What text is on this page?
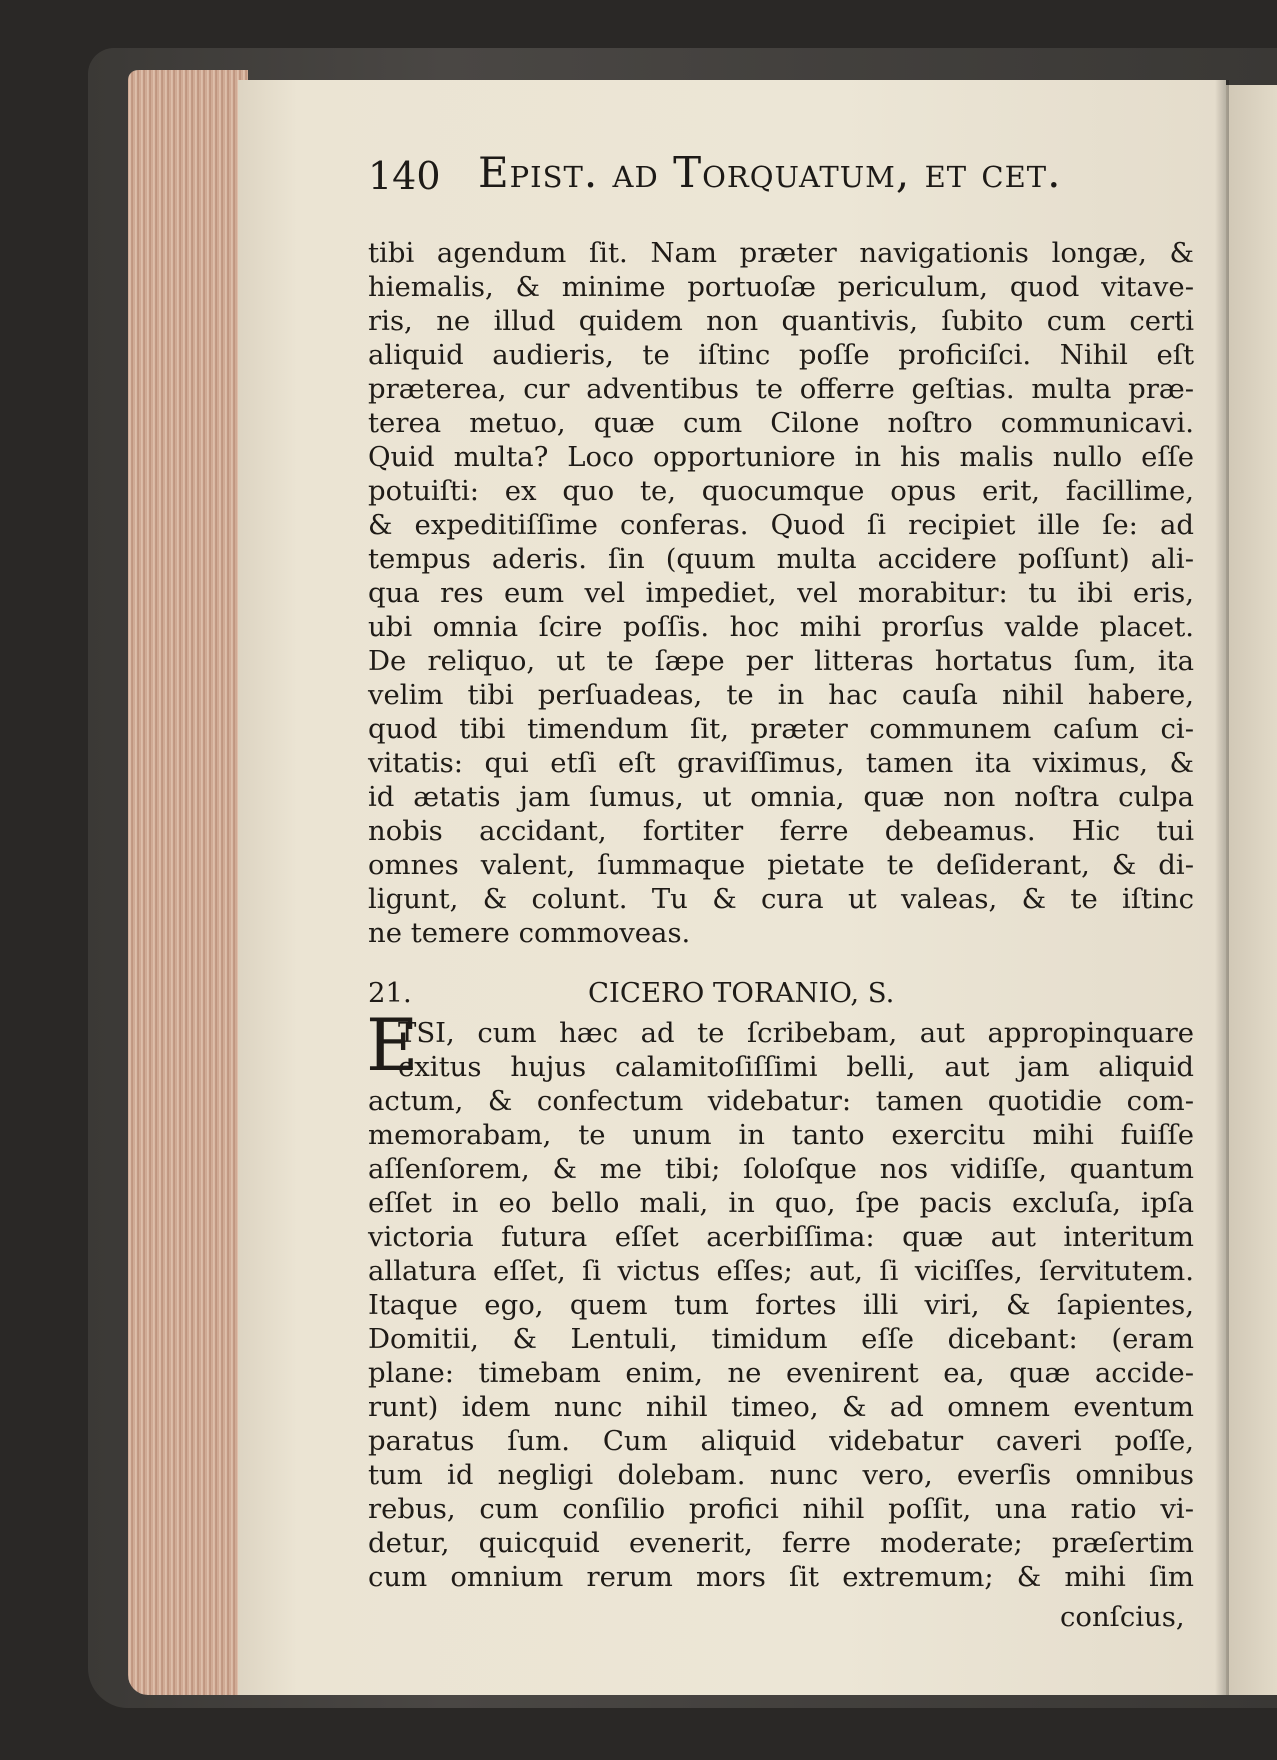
140 Epist. ad Torquatum, et cet.
tibi agendum ſit. Nam præter navigationis longæ, &
hiemalis, & minime portuoſæ periculum, quod vitave-
ris, ne illud quidem non quantivis, ſubito cum certi
aliquid audieris, te iſtinc poſſe proficiſci. Nihil eſt
præterea, cur adventibus te offerre geſtias. multa præ-
terea metuo, quæ cum Cilone noſtro communicavi.
Quid multa? Loco opportuniore in his malis nullo eſſe
potuiſti: ex quo te, quocumque opus erit, facillime,
& expeditiſſime conferas. Quod ſi recipiet ille ſe: ad
tempus aderis. ſin (quum multa accidere poſſunt) ali-
qua res eum vel impediet, vel morabitur: tu ibi eris,
ubi omnia ſcire poſſis. hoc mihi prorſus valde placet.
De reliquo, ut te ſæpe per litteras hortatus ſum, ita
velim tibi perſuadeas, te in hac cauſa nihil habere,
quod tibi timendum ſit, præter communem caſum ci-
vitatis: qui etſi eſt graviſſimus, tamen ita viximus, &
id ætatis jam ſumus, ut omnia, quæ non noſtra culpa
nobis accidant, fortiter ferre debeamus. Hic tui
omnes valent, ſummaque pietate te deſiderant, & di-
ligunt, & colunt. Tu & cura ut valeas, & te iſtinc
ne temere commoveas.
21.	CICERO TORANIO, S.
E
TSI, cum hæc ad te ſcribebam, aut appropinquare
exitus hujus calamitoſiſſimi belli, aut jam aliquid
actum, & confectum videbatur: tamen quotidie com-
memorabam, te unum in tanto exercitu mihi fuiſſe
aſſenſorem, & me tibi; ſoloſque nos vidiſſe, quantum
eſſet in eo bello mali, in quo, ſpe pacis excluſa, ipſa
victoria futura eſſet acerbiſſima: quæ aut interitum
allatura eſſet, ſi victus eſſes; aut, ſi viciſſes, ſervitutem.
Itaque ego, quem tum fortes illi viri, & ſapientes,
Domitii, & Lentuli, timidum eſſe dicebant: (eram
plane: timebam enim, ne evenirent ea, quæ accide-
runt) idem nunc nihil timeo, & ad omnem eventum
paratus ſum. Cum aliquid videbatur caveri poſſe,
tum id negligi dolebam. nunc vero, everſis omnibus
rebus, cum conſilio profici nihil poſſit, una ratio vi-
detur, quicquid evenerit, ferre moderate; præſertim
cum omnium rerum mors ſit extremum; & mihi ſim
conſcius,
